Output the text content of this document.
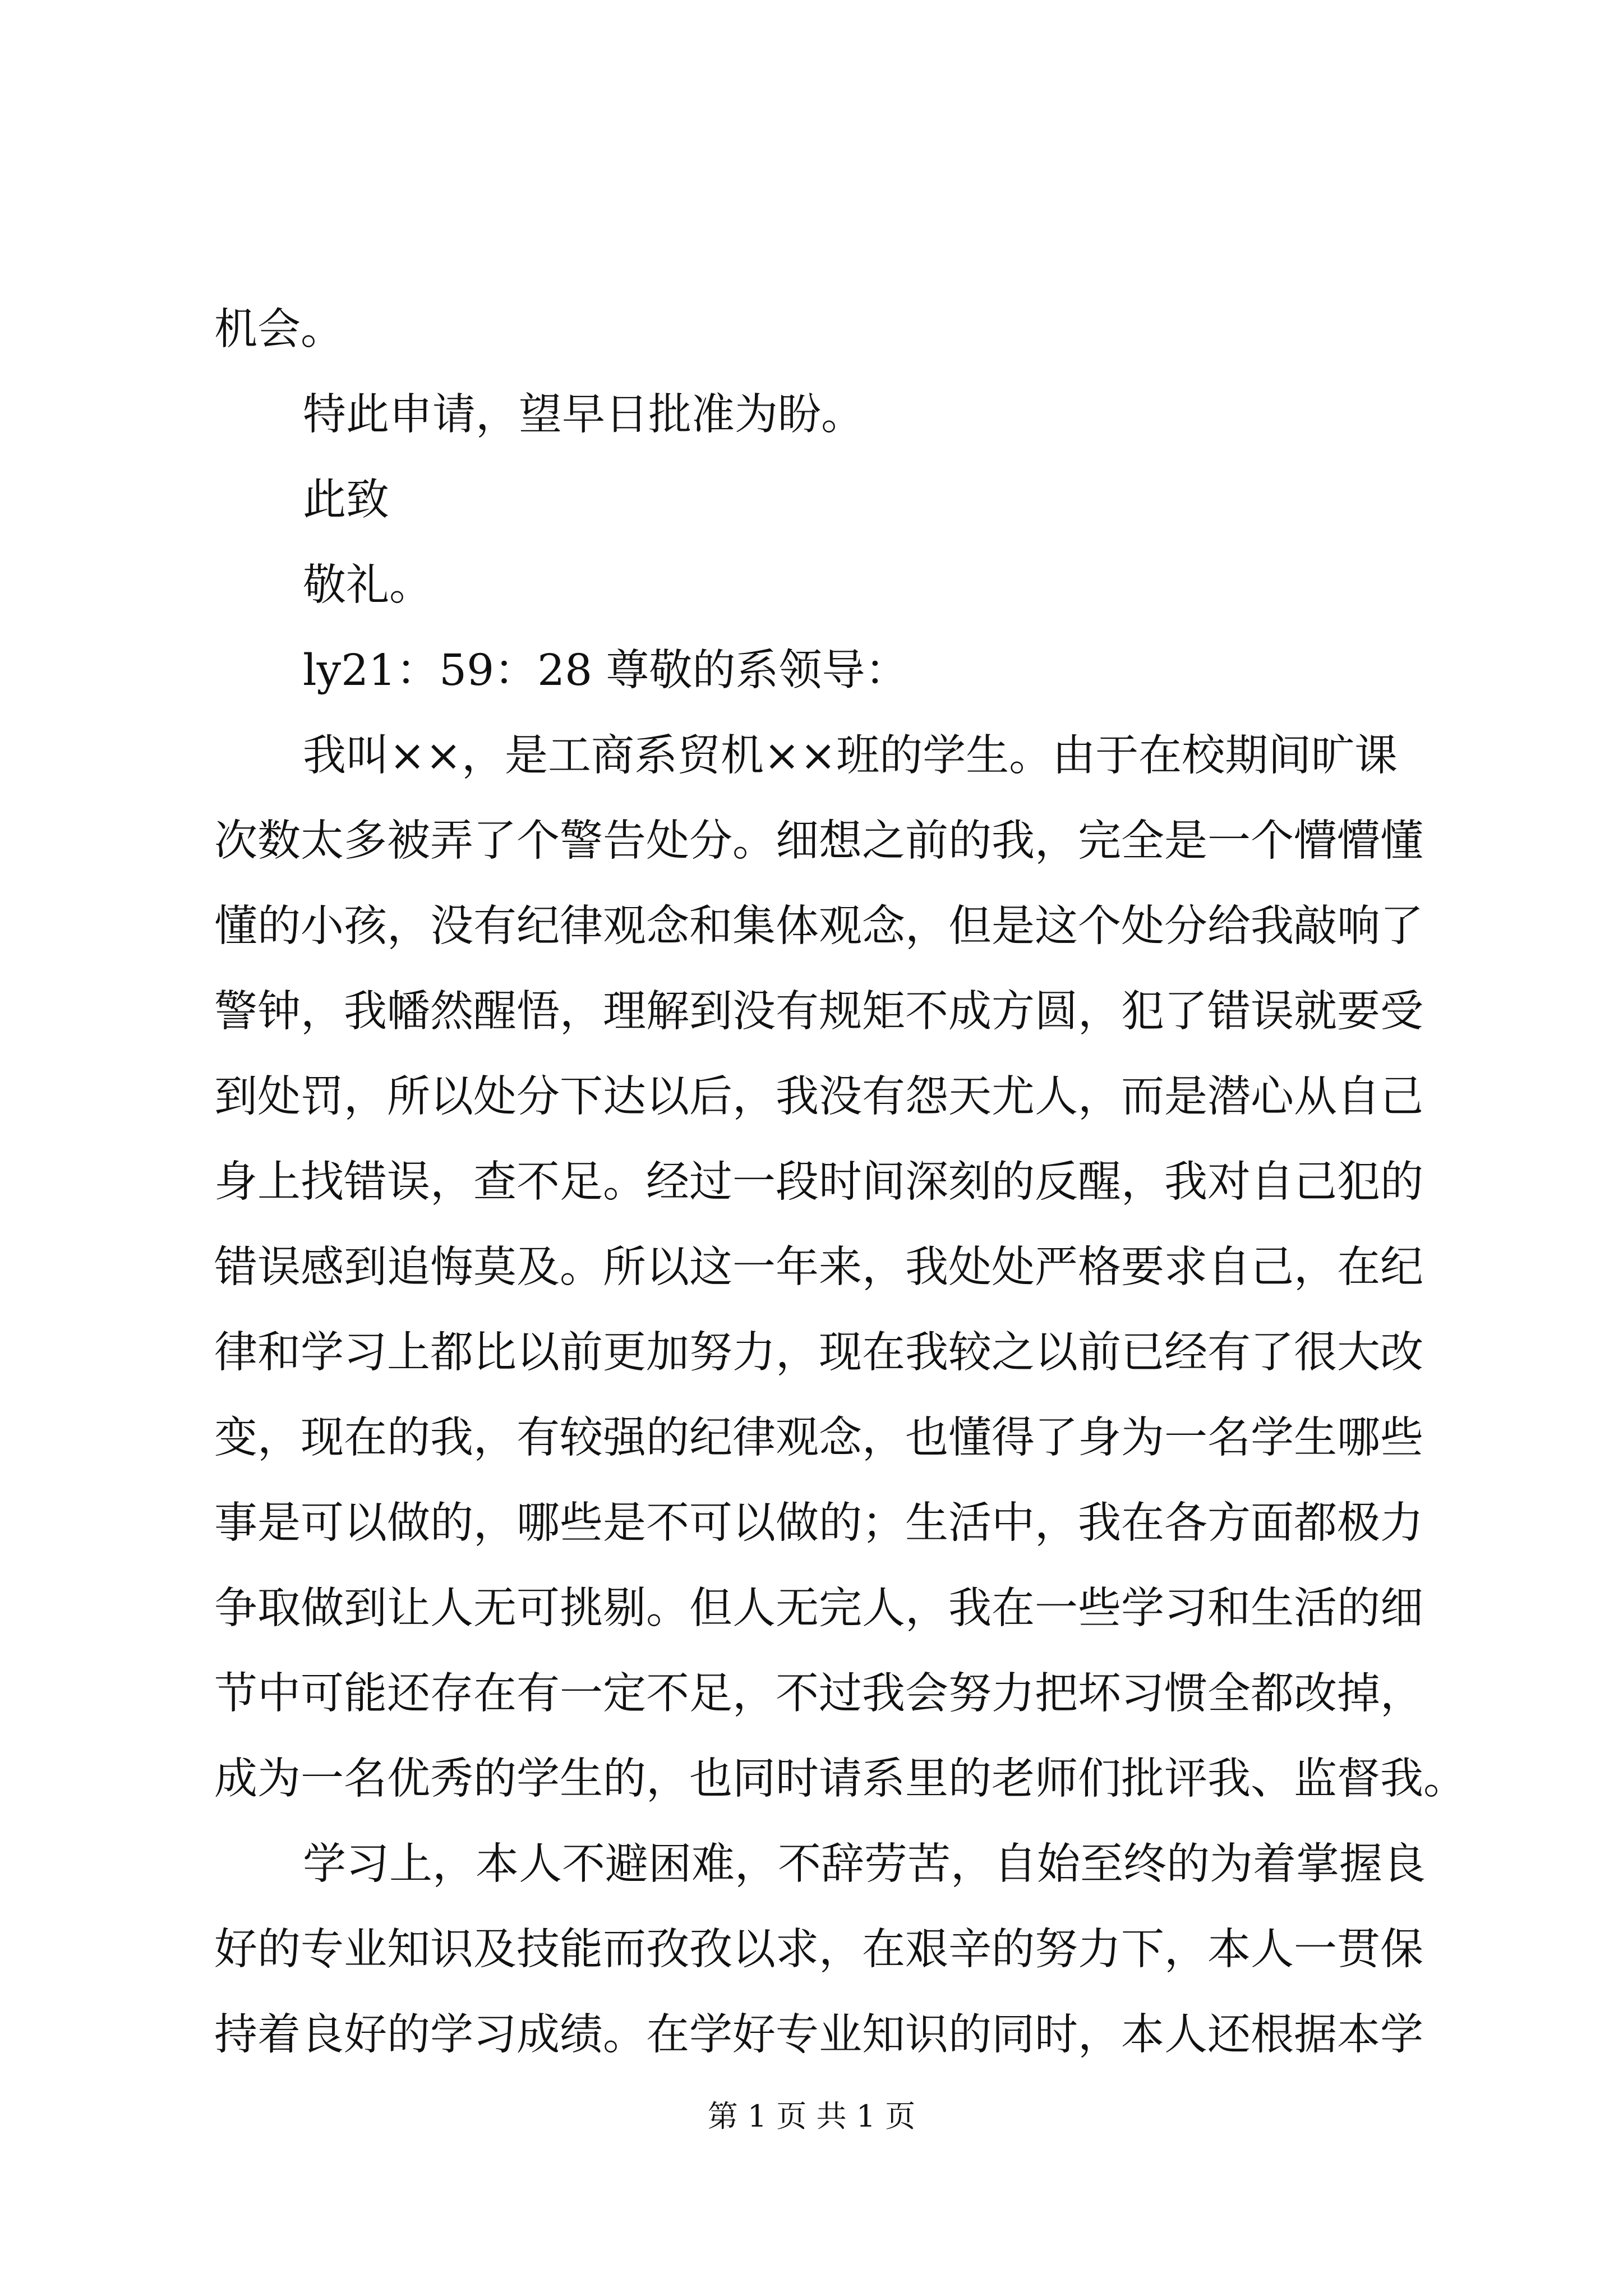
机会。
特此申请，望早日批准为盼。
此致
敬礼。
ly21：59：28 尊敬的系领导：
我叫××，是工商系贸机××班的学生。由于在校期间旷课
次数太多被弄了个警告处分。细想之前的我，完全是一个懵懵懂
懂的小孩，没有纪律观念和集体观念，但是这个处分给我敲响了
警钟，我幡然醒悟，理解到没有规矩不成方圆，犯了错误就要受
到处罚，所以处分下达以后，我没有怨天尤人，而是潜心从自己
身上找错误，查不足。经过一段时间深刻的反醒，我对自己犯的
错误感到追悔莫及。所以这一年来，我处处严格要求自己，在纪
律和学习上都比以前更加努力，现在我较之以前已经有了很大改
变，现在的我，有较强的纪律观念，也懂得了身为一名学生哪些
事是可以做的，哪些是不可以做的；生活中，我在各方面都极力
争取做到让人无可挑剔。但人无完人，我在一些学习和生活的细
节中可能还存在有一定不足，不过我会努力把坏习惯全都改掉，
成为一名优秀的学生的，也同时请系里的老师们批评我、监督我。
学习上，本人不避困难，不辞劳苦，自始至终的为着掌握良
好的专业知识及技能而孜孜以求，在艰辛的努力下，本人一贯保
持着良好的学习成绩。在学好专业知识的同时，本人还根据本学
第 1 页 共 1 页
